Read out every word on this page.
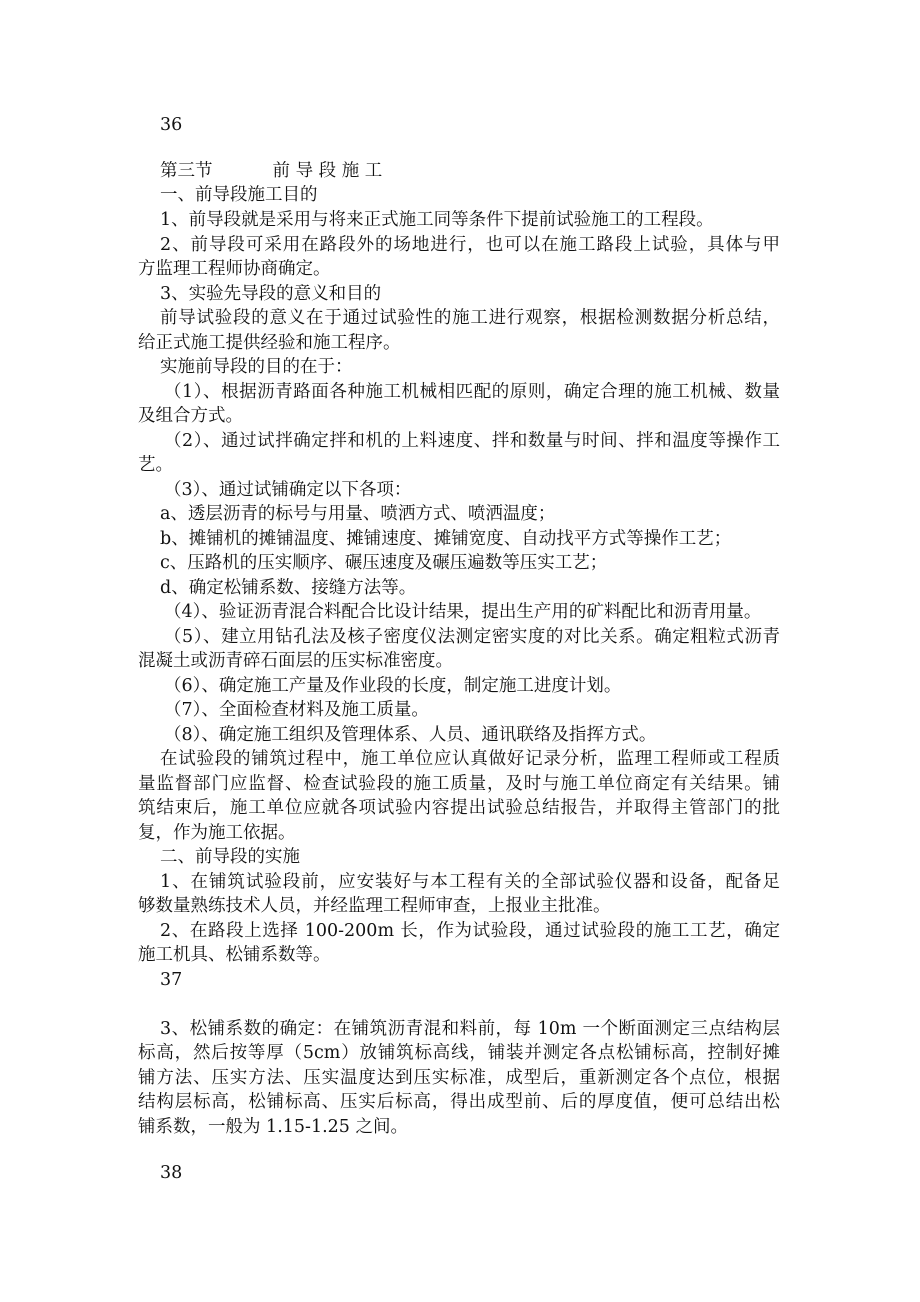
36
第三节	前 导 段 施 工
一、前导段施工目的
1、前导段就是采用与将来正式施工同等条件下提前试验施工的工程段。
2、前导段可采用在路段外的场地进行，也可以在施工路段上试验，具体与甲
方监理工程师协商确定。
3、实验先导段的意义和目的
前导试验段的意义在于通过试验性的施工进行观察，根据检测数据分析总结，
给正式施工提供经验和施工程序。
实施前导段的目的在于：
（1）、根据沥青路面各种施工机械相匹配的原则，确定合理的施工机械、数量
及组合方式。
（2）、通过试拌确定拌和机的上料速度、拌和数量与时间、拌和温度等操作工
艺。
（3）、通过试铺确定以下各项：
a、透层沥青的标号与用量、喷洒方式、喷洒温度；
b、摊铺机的摊铺温度、摊铺速度、摊铺宽度、自动找平方式等操作工艺；
c、压路机的压实顺序、碾压速度及碾压遍数等压实工艺；
d、确定松铺系数、接缝方法等。
（4）、验证沥青混合料配合比设计结果，提出生产用的矿料配比和沥青用量。
（5）、建立用钻孔法及核子密度仪法测定密实度的对比关系。确定粗粒式沥青
混凝土或沥青碎石面层的压实标准密度。
（6）、确定施工产量及作业段的长度，制定施工进度计划。
（7）、全面检查材料及施工质量。
（8）、确定施工组织及管理体系、人员、通讯联络及指挥方式。
在试验段的铺筑过程中，施工单位应认真做好记录分析，监理工程师或工程质
量监督部门应监督、检查试验段的施工质量，及时与施工单位商定有关结果。铺
筑结束后，施工单位应就各项试验内容提出试验总结报告，并取得主管部门的批
复，作为施工依据。
二、前导段的实施
1、在铺筑试验段前，应安装好与本工程有关的全部试验仪器和设备，配备足
够数量熟练技术人员，并经监理工程师审查，上报业主批准。
2、在路段上选择 100-200m 长，作为试验段，通过试验段的施工工艺，确定
施工机具、松铺系数等。
37
3、松铺系数的确定：在铺筑沥青混和料前，每 10m 一个断面测定三点结构层
标高，然后按等厚（5cm）放铺筑标高线，铺装并测定各点松铺标高，控制好摊
铺方法、压实方法、压实温度达到压实标准，成型后，重新测定各个点位，根据
结构层标高，松铺标高、压实后标高，得出成型前、后的厚度值，便可总结出松
铺系数，一般为 1.15-1.25 之间。
38
